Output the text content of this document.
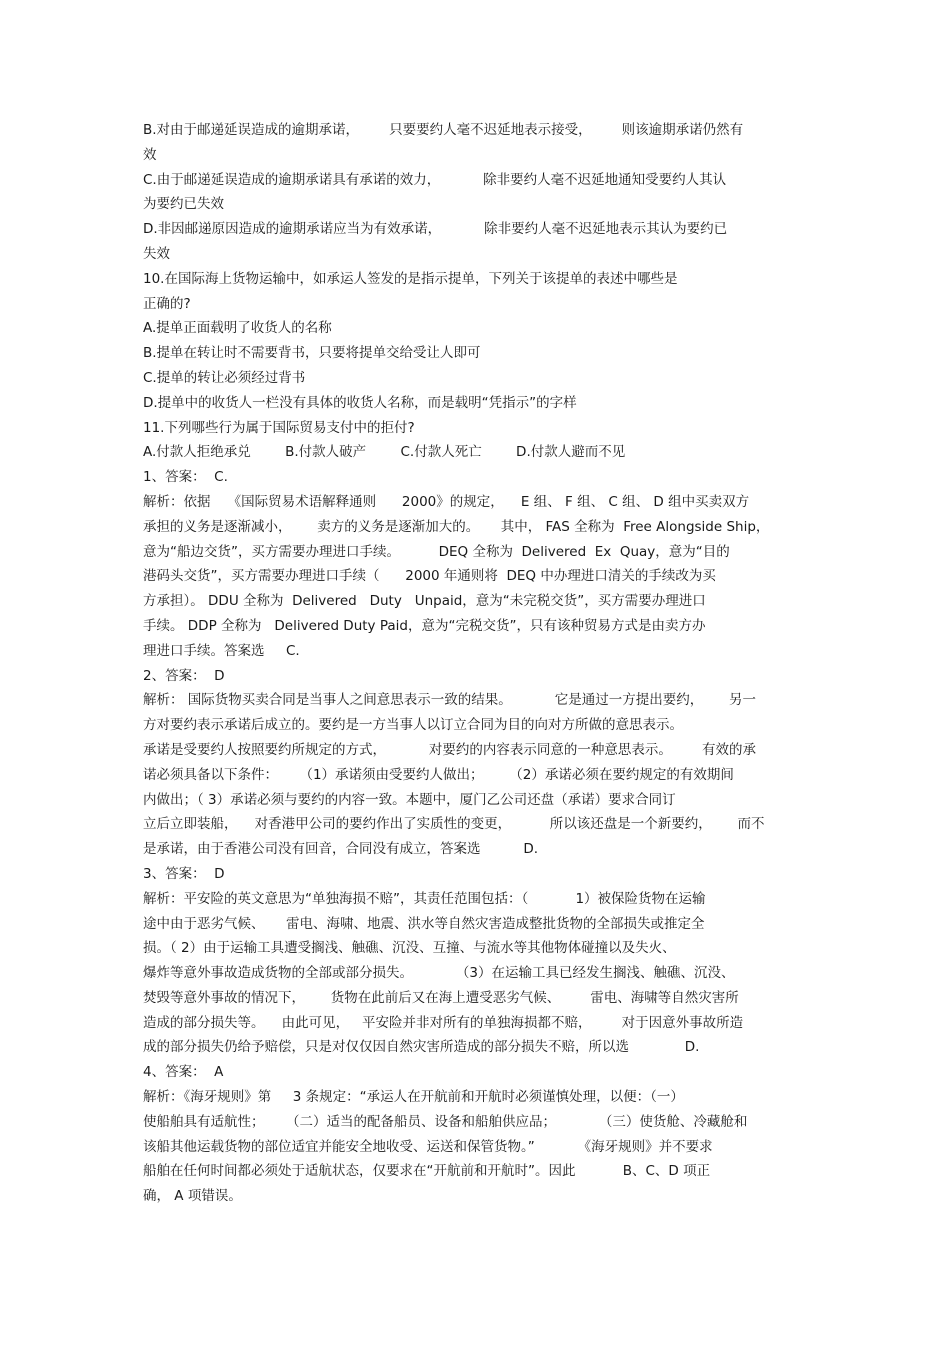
B.对由于邮递延误造成的逾期承诺，       只要要约人毫不迟延地表示接受，       则该逾期承诺仍然有
效
C.由于邮递延误造成的逾期承诺具有承诺的效力，          除非要约人毫不迟延地通知受要约人其认
为要约已失效
D.非因邮递原因造成的逾期承诺应当为有效承诺，          除非要约人毫不迟延地表示其认为要约已
失效
10.在国际海上货物运输中，如承运人签发的是指示提单，下列关于该提单的表述中哪些是
正确的?
A.提单正面载明了收货人的名称
B.提单在转让时不需要背书，只要将提单交给受让人即可
C.提单的转让必须经过背书
D.提单中的收货人一栏没有具体的收货人名称，而是载明“凭指示”的字样
11.下列哪些行为属于国际贸易支付中的拒付?
A.付款人拒绝承兑        B.付款人破产        C.付款人死亡        D.付款人避而不见
1、答案：  C.
解析：依据    《国际贸易术语解释通则      2000》的规定，    E 组、 F 组、 C 组、 D 组中买卖双方
承担的义务是逐渐减小，      卖方的义务是逐渐加大的。     其中， FAS 全称为  Free Alongside Ship，
意为“船边交货”，买方需要办理进口手续。         DEQ 全称为  Delivered  Ex  Quay，意为“目的
港码头交货”，买方需要办理进口手续（      2000 年通则将  DEQ 中办理进口清关的手续改为买
方承担）。 DDU 全称为  Delivered   Duty   Unpaid，意为“未完税交货”，买方需要办理进口
手续。 DDP 全称为   Delivered Duty Paid，意为“完税交货”，只有该种贸易方式是由卖方办
理进口手续。答案选     C.
2、答案：  D
解析： 国际货物买卖合同是当事人之间意思表示一致的结果。          它是通过一方提出要约，      另一
方对要约表示承诺后成立的。要约是一方当事人以订立合同为目的向对方所做的意思表示。
承诺是受要约人按照要约所规定的方式，          对要约的内容表示同意的一种意思表示。       有效的承
诺必须具备以下条件：     （1）承诺须由受要约人做出；      （2）承诺必须在要约规定的有效期间
内做出；（ 3）承诺必须与要约的内容一致。本题中，厦门乙公司还盘（承诺）要求合同订
立后立即装船，    对香港甲公司的要约作出了实质性的变更，         所以该还盘是一个新要约，      而不
是承诺，由于香港公司没有回音，合同没有成立，答案选          D.
3、答案：  D
解析：平安险的英文意思为“单独海损不赔”，其责任范围包括：（           1）被保险货物在运输
途中由于恶劣气候、     雷电、海啸、地震、洪水等自然灾害造成整批货物的全部损失或推定全
损。（ 2）由于运输工具遭受搁浅、触礁、沉没、互撞、与流水等其他物体碰撞以及失火、
爆炸等意外事故造成货物的全部或部分损失。          （3）在运输工具已经发生搁浅、触礁、沉没、
焚毁等意外事故的情况下，      货物在此前后又在海上遭受恶劣气候、       雷电、海啸等自然灾害所
造成的部分损失等。    由此可见，   平安险并非对所有的单独海损都不赔，       对于因意外事故所造
成的部分损失仍给予赔偿，只是对仅仅因自然灾害所造成的部分损失不赔，所以选             D.
4、答案：  A
解析：《海牙规则》第     3 条规定：“承运人在开航前和开航时必须谨慎处理，以便：（一）
使船舶具有适航性；     （二）适当的配备船员、设备和船舶供应品；          （三）使货舱、冷藏舱和
该船其他运载货物的部位适宜并能安全地收受、运送和保管货物。”          《海牙规则》并不要求
船舶在任何时间都必须处于适航状态，仅要求在“开航前和开航时”。因此           B、C、D 项正
确， A 项错误。
